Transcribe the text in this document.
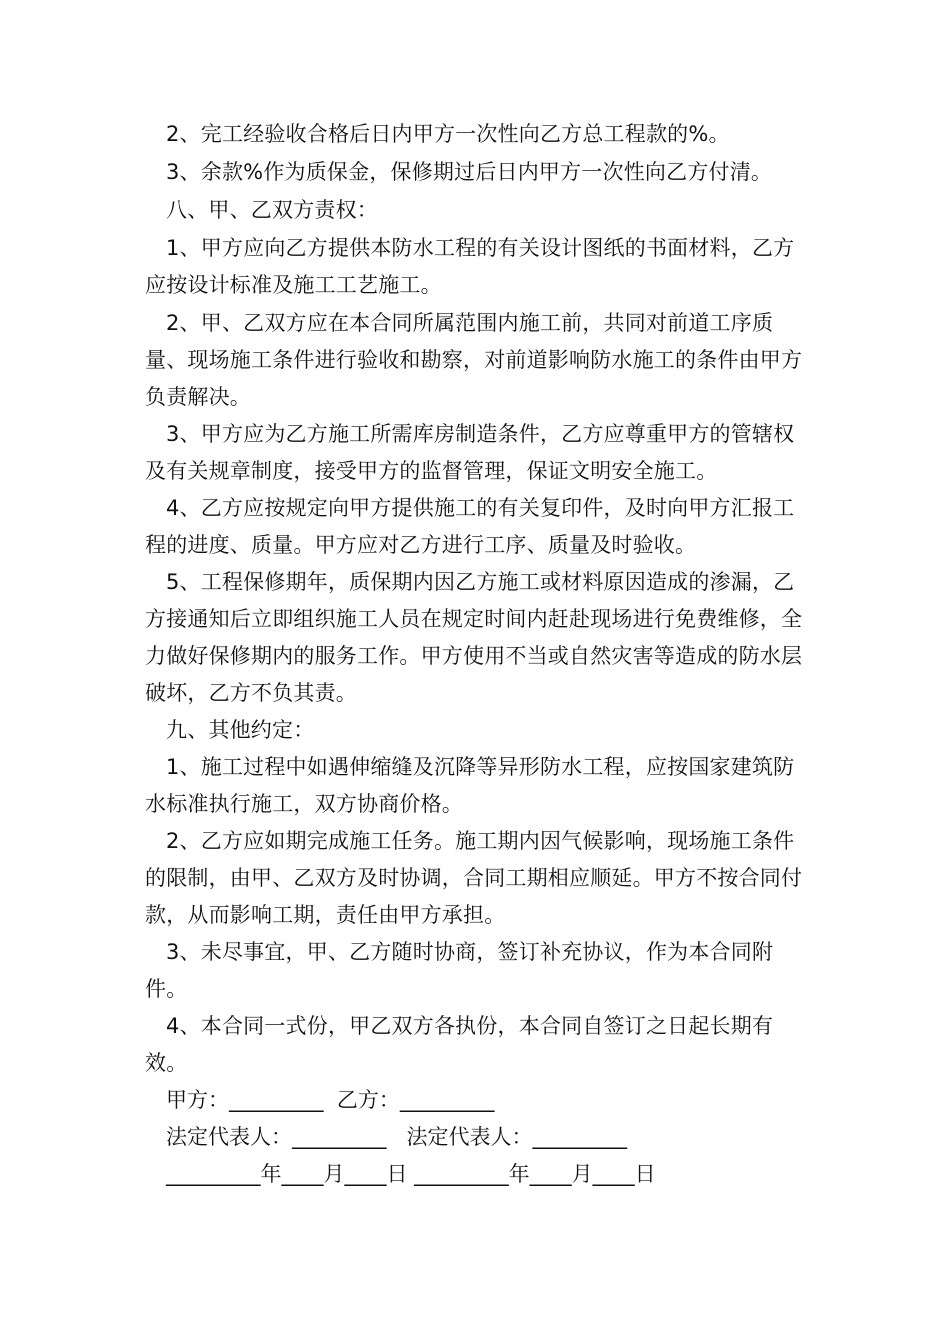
2、完工经验收合格后日内甲方一次性向乙方总工程款的%。

3、余款%作为质保金，保修期过后日内甲方一次性向乙方付清。

八、甲、乙双方责权：

1、甲方应向乙方提供本防水工程的有关设计图纸的书面材料，乙方应按设计标准及施工工艺施工。

2、甲、乙双方应在本合同所属范围内施工前，共同对前道工序质量、现场施工条件进行验收和勘察，对前道影响防水施工的条件由甲方负责解决。

3、甲方应为乙方施工所需库房制造条件，乙方应尊重甲方的管辖权及有关规章制度，接受甲方的监督管理，保证文明安全施工。

4、乙方应按规定向甲方提供施工的有关复印件，及时向甲方汇报工程的进度、质量。甲方应对乙方进行工序、质量及时验收。

5、工程保修期年，质保期内因乙方施工或材料原因造成的渗漏，乙方接通知后立即组织施工人员在规定时间内赶赴现场进行免费维修，全力做好保修期内的服务工作。甲方使用不当或自然灾害等造成的防水层破坏，乙方不负其责。

九、其他约定：

1、施工过程中如遇伸缩缝及沉降等异形防水工程，应按国家建筑防水标准执行施工，双方协商价格。

2、乙方应如期完成施工任务。施工期内因气候影响，现场施工条件的限制，由甲、乙双方及时协调，合同工期相应顺延。甲方不按合同付款，从而影响工期，责任由甲方承担。

3、未尽事宜，甲、乙方随时协商，签订补充协议，作为本合同附件。

4、本合同一式份，甲乙双方各执份，本合同自签订之日起长期有效。

甲方：_________  乙方：_________

法定代表人：_________   法定代表人：_________

_________年____月____日 _________年____月____日
